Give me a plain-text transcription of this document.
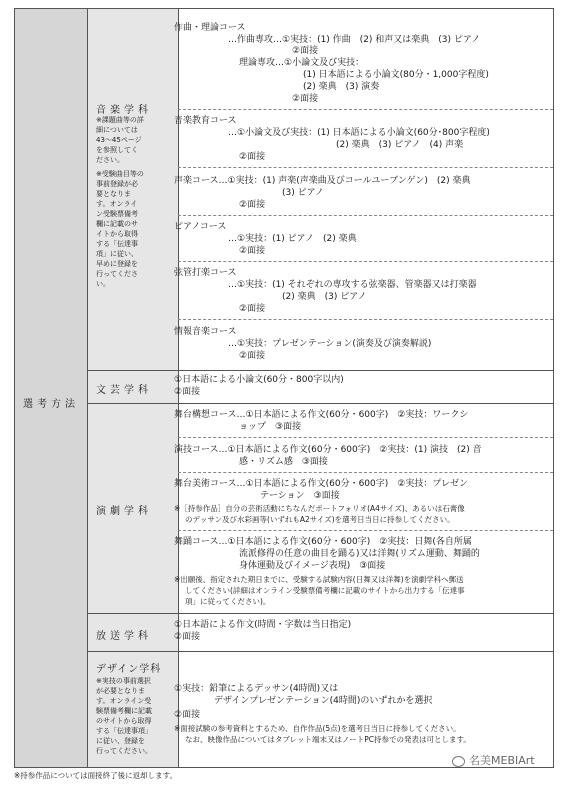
選考方法
音楽学科
※課題曲等の詳
細については
43～45ページ
を参照してく
ださい。
※受験曲目等の
事前登録が必
要となりま
す。オンライ
ン受験票備考
欄に記載のサ
イトから取得
する「伝達事
項」に従い、
早めに登録を
行ってくださ
い。
作曲・理論コース
…作曲専攻…①実技：(1) 作曲　(2) 和声又は楽典　(3) ピアノ
②面接
理論専攻…①小論文及び実技：
(1) 日本語による小論文(80分・1,000字程度)
(2) 楽典　(3) 演奏
②面接
音楽教育コース
…①小論文及び実技：(1) 日本語による小論文(60分･800字程度)
(2) 楽典　(3) ピアノ　(4) 声楽
②面接
声楽コース…①実技：(1) 声楽(声楽曲及びコールユーブンゲン)　(2) 楽典
(3) ピアノ
②面接
ピアノコース
…①実技：(1) ピアノ　(2) 楽典
②面接
弦管打楽コース
…①実技：(1) それぞれの専攻する弦楽器、管楽器又は打楽器
(2) 楽典　(3) ピアノ
②面接
情報音楽コース
…①実技：プレゼンテーション(演奏及び演奏解説)
②面接
文芸学科
①日本語による小論文(60分・800字以内)
②面接
演劇学科
舞台構想コース…①日本語による作文(60分・600字)　②実技：ワークシ
ョップ　③面接
演技コース…①日本語による作文(60分・600字)　②実技：(1) 演技　(2) 音
感・リズム感　③面接
舞台美術コース…①日本語による作文(60分・600字)　②実技：プレゼン
テーション　③面接
※［持参作品］自分の芸術活動にちなんだポートフォリオ(A4サイズ)、あるいは石膏像
のデッサン及び水彩画等(いずれもA2サイズ)を選考日当日に持参してください。
舞踊コース…①日本語による作文(60分・600字)　②実技：日舞(各自所属
流派修得の任意の曲目を踊る)又は洋舞(リズム運動、舞踊的
身体運動及びイメージ表現)　③面接
※出願後、指定された期日までに、受験する試験内容(日舞又は洋舞)を演劇学科へ郵送
してください(詳細はオンライン受験票備考欄に記載のサイトから出力する「伝達事
項」に従ってください)。
放送学科
①日本語による作文(時間・字数は当日指定)
②面接
デザイン学科
※実技の事前選択
が必要となりま
す。オンライン受
験票備考欄に記載
のサイトから取得
する「伝達事項」
に従い、登録を
行ってください。
①実技：鉛筆によるデッサン(4時間)又は
デザインプレゼンテーション(4時間)のいずれかを選択
②面接
※面接試験の参考資料とするため、自作作品(5点)を選考日当日に持参してください。
なお、映像作品についてはタブレット端末又はノートPC持参での発表は可とします。
※持参作品については面接終了後に返却します。
名美MEBIArt
